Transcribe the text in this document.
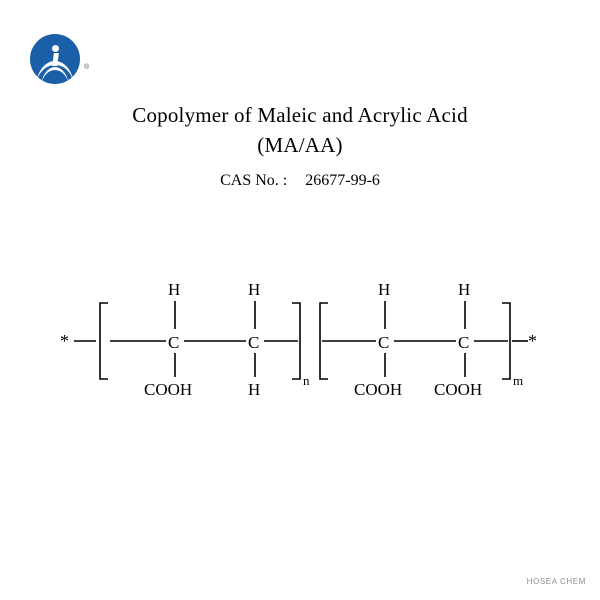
®
Copolymer of Maleic and Acrylic Acid
(MA/AA)
CAS No. : 26677-99-6
*
H	H
C	C
COOH	H	n
H	H
C	C
COOH COOH m
*
HOSEA CHEM
